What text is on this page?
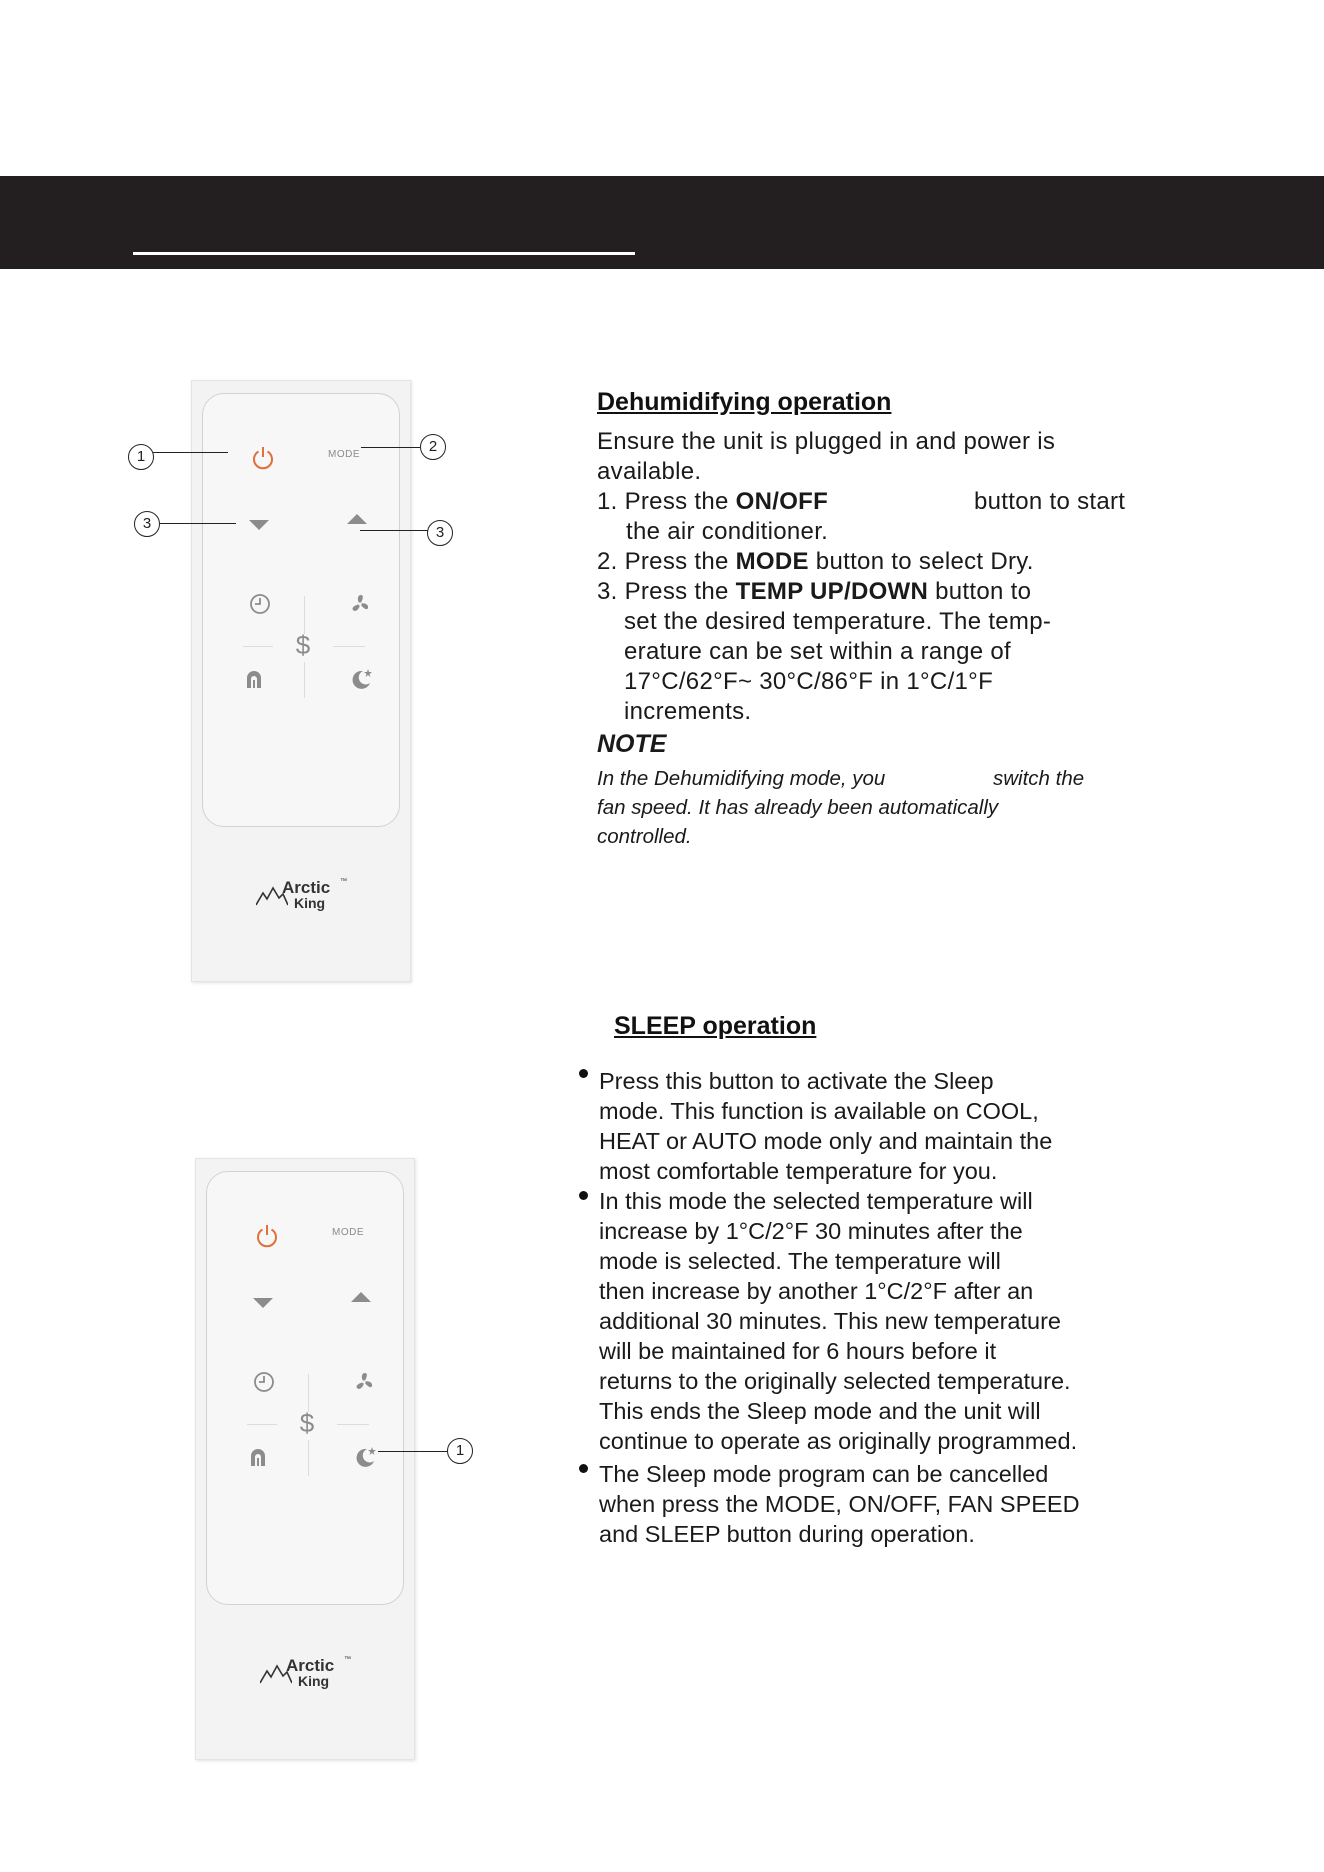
MODE
$
Arctic ™
King
1
2
3
3
MODE
$
Arctic ™
King
1
Dehumidifying operation

Ensure the unit is plugged in and power is

available.

1. Press the ON/OFF	button to start

the air conditioner.

2. Press the MODE button to select Dry.

3. Press the TEMP UP/DOWN button to

set the desired temperature. The temp-

erature can be set within a range of

17°C/62°F~ 30°C/86°F in 1°C/1°F

increments.

NOTE

In the Dehumidifying mode, you	switch the

fan speed. It has already been automatically

controlled.

SLEEP operation

Press this button to activate the Sleep

mode. This function is available on COOL,

HEAT or AUTO mode only and maintain the

most comfortable temperature for you.

In this mode the selected temperature will

increase by 1°C/2°F 30 minutes after the

mode is selected. The temperature will

then increase by another 1°C/2°F after an

additional 30 minutes. This new temperature

will be maintained for 6 hours before it

returns to the originally selected temperature.

This ends the Sleep mode and the unit will

continue to operate as originally programmed.

The Sleep mode program can be cancelled

when press the MODE, ON/OFF, FAN SPEED

and SLEEP button during operation.
